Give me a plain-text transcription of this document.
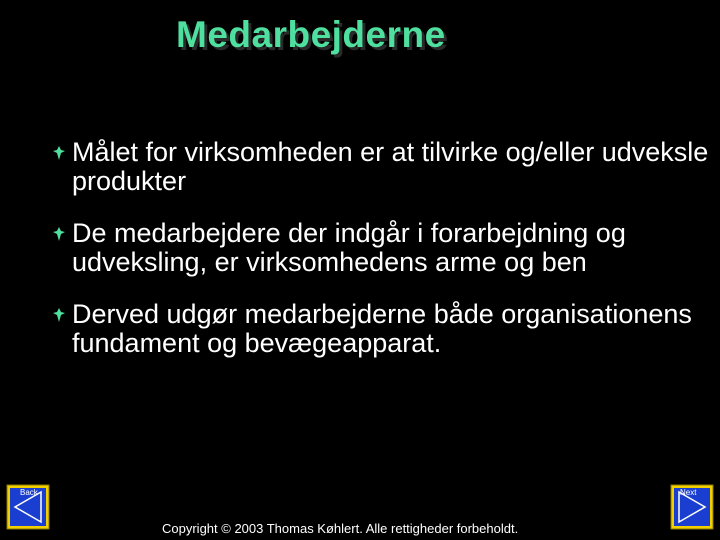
Medarbejderne
Målet for virksomheden er at tilvirke og/eller udveksle produkter
De medarbejdere der indgår i forarbejdning og udveksling, er virksomhedens arme og ben
Derved udgør medarbejderne både organisationens fundament og bevægeapparat.
Back	Next
Copyright © 2003 Thomas Køhlert. Alle rettigheder forbeholdt.
